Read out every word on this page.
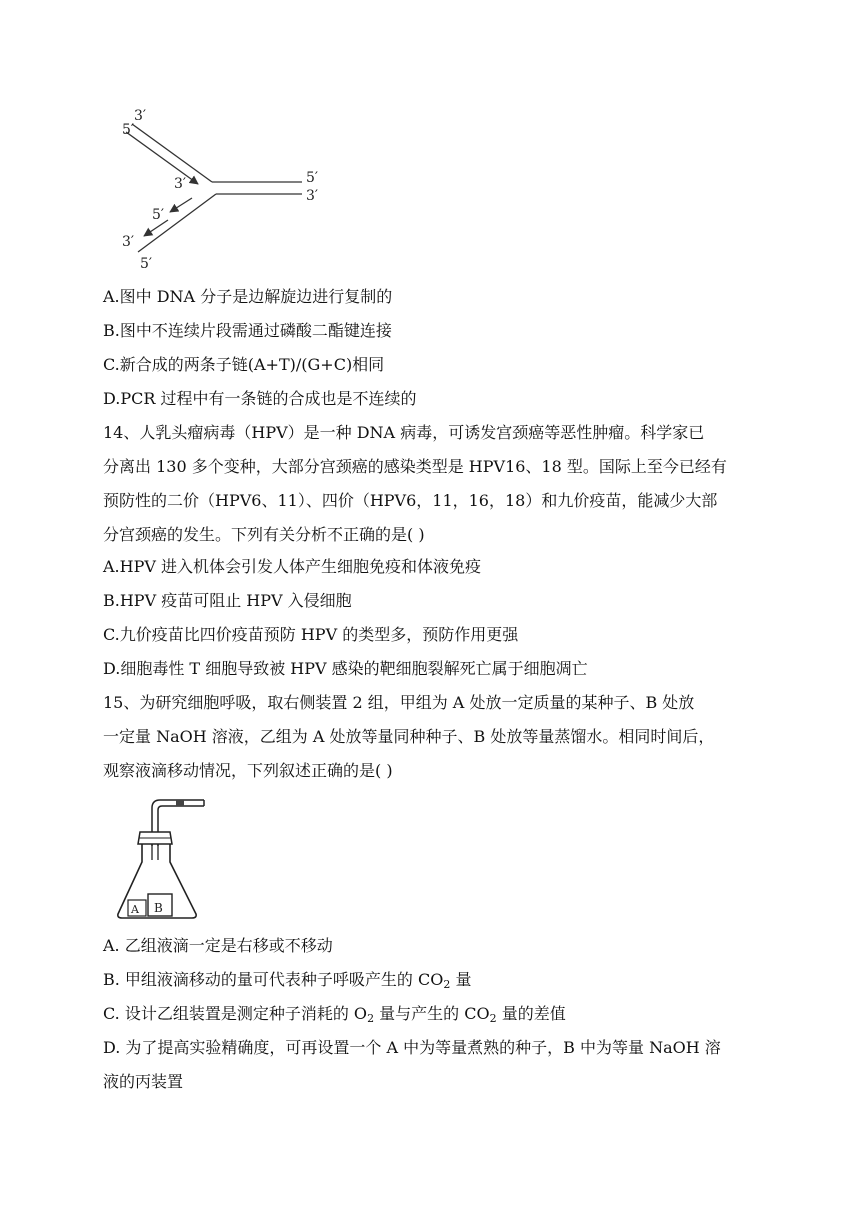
3′
5′
3′	5′
3′
5′
3′
5′
A.图中 DNA 分子是边解旋边进行复制的
B.图中不连续片段需通过磷酸二酯键连接
C.新合成的两条子链(A+T)/(G+C)相同
D.PCR 过程中有一条链的合成也是不连续的
14、人乳头瘤病毒（HPV）是一种 DNA 病毒，可诱发宫颈癌等恶性肿瘤。科学家已
分离出 130 多个变种，大部分宫颈癌的感染类型是 HPV16、18 型。国际上至今已经有
预防性的二价（HPV6、11）、四价（HPV6，11，16，18）和九价疫苗，能减少大部
分宫颈癌的发生。下列有关分析不正确的是( )
A.HPV 进入机体会引发人体产生细胞免疫和体液免疫
B.HPV 疫苗可阻止 HPV 入侵细胞
C.九价疫苗比四价疫苗预防 HPV 的类型多，预防作用更强
D.细胞毒性 T 细胞导致被 HPV 感染的靶细胞裂解死亡属于细胞凋亡
15、为研究细胞呼吸，取右侧装置 2 组，甲组为 A 处放一定质量的某种子、B 处放
一定量 NaOH 溶液，乙组为 A 处放等量同种种子、B 处放等量蒸馏水。相同时间后，
观察液滴移动情况，下列叙述正确的是( )
A B
A. 乙组液滴一定是右移或不移动
B. 甲组液滴移动的量可代表种子呼吸产生的 $CO_2$ 量
C. 设计乙组装置是测定种子消耗的 $O_2$ 量与产生的 $CO_2$ 量的差值
D. 为了提高实验精确度，可再设置一个 A 中为等量煮熟的种子，B 中为等量 NaOH 溶
液的丙装置
